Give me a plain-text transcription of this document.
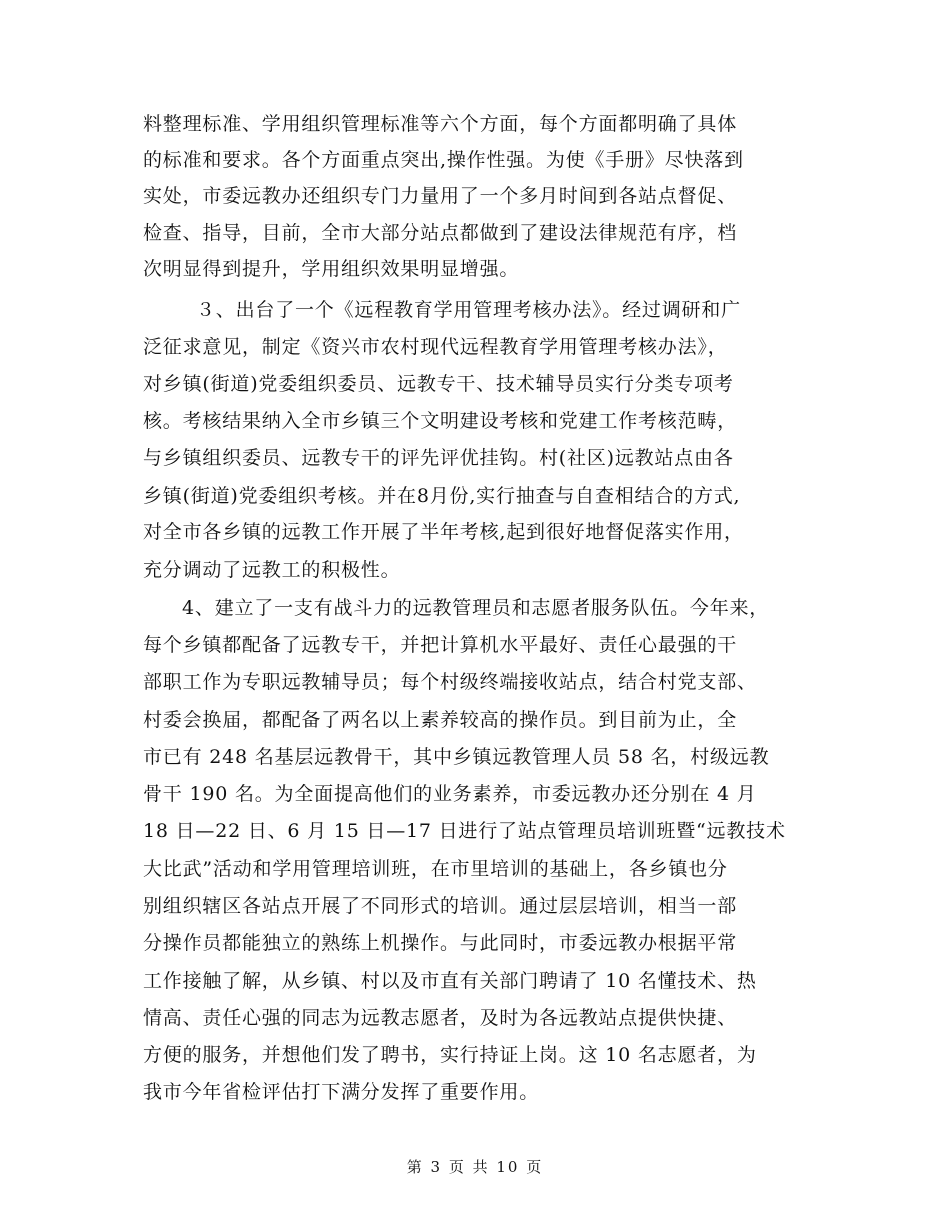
料整理标准、学用组织管理标准等六个方面，每个方面都明确了具体
的标准和要求。各个方面重点突出,操作性强。为使《手册》尽快落到
实处，市委远教办还组织专门力量用了一个多月时间到各站点督促、
检查、指导，目前，全市大部分站点都做到了建设法律规范有序，档
次明显得到提升，学用组织效果明显增强。
３、出台了一个《远程教育学用管理考核办法》。经过调研和广
泛征求意见，制定《资兴市农村现代远程教育学用管理考核办法》，
对乡镇(街道)党委组织委员、远教专干、技术辅导员实行分类专项考
核。考核结果纳入全市乡镇三个文明建设考核和党建工作考核范畴，
与乡镇组织委员、远教专干的评先评优挂钩。村(社区)远教站点由各
乡镇(街道)党委组织考核。并在8月份,实行抽查与自查相结合的方式,
对全市各乡镇的远教工作开展了半年考核,起到很好地督促落实作用，
充分调动了远教工的积极性。
4、建立了一支有战斗力的远教管理员和志愿者服务队伍。今年来，
每个乡镇都配备了远教专干，并把计算机水平最好、责任心最强的干
部职工作为专职远教辅导员；每个村级终端接收站点，结合村党支部、
村委会换届，都配备了两名以上素养较高的操作员。到目前为止，全
市已有 248 名基层远教骨干，其中乡镇远教管理人员 58 名，村级远教
骨干 190 名。为全面提高他们的业务素养，市委远教办还分别在 4 月
18 日—22 日、6 月 15 日—17 日进行了站点管理员培训班暨“远教技术
大比武”活动和学用管理培训班，在市里培训的基础上，各乡镇也分
别组织辖区各站点开展了不同形式的培训。通过层层培训，相当一部
分操作员都能独立的熟练上机操作。与此同时，市委远教办根据平常
工作接触了解，从乡镇、村以及市直有关部门聘请了 10 名懂技术、热
情高、责任心强的同志为远教志愿者，及时为各远教站点提供快捷、
方便的服务，并想他们发了聘书，实行持证上岗。这 10 名志愿者，为
我市今年省检评估打下满分发挥了重要作用。
第 3 页 共 10 页
